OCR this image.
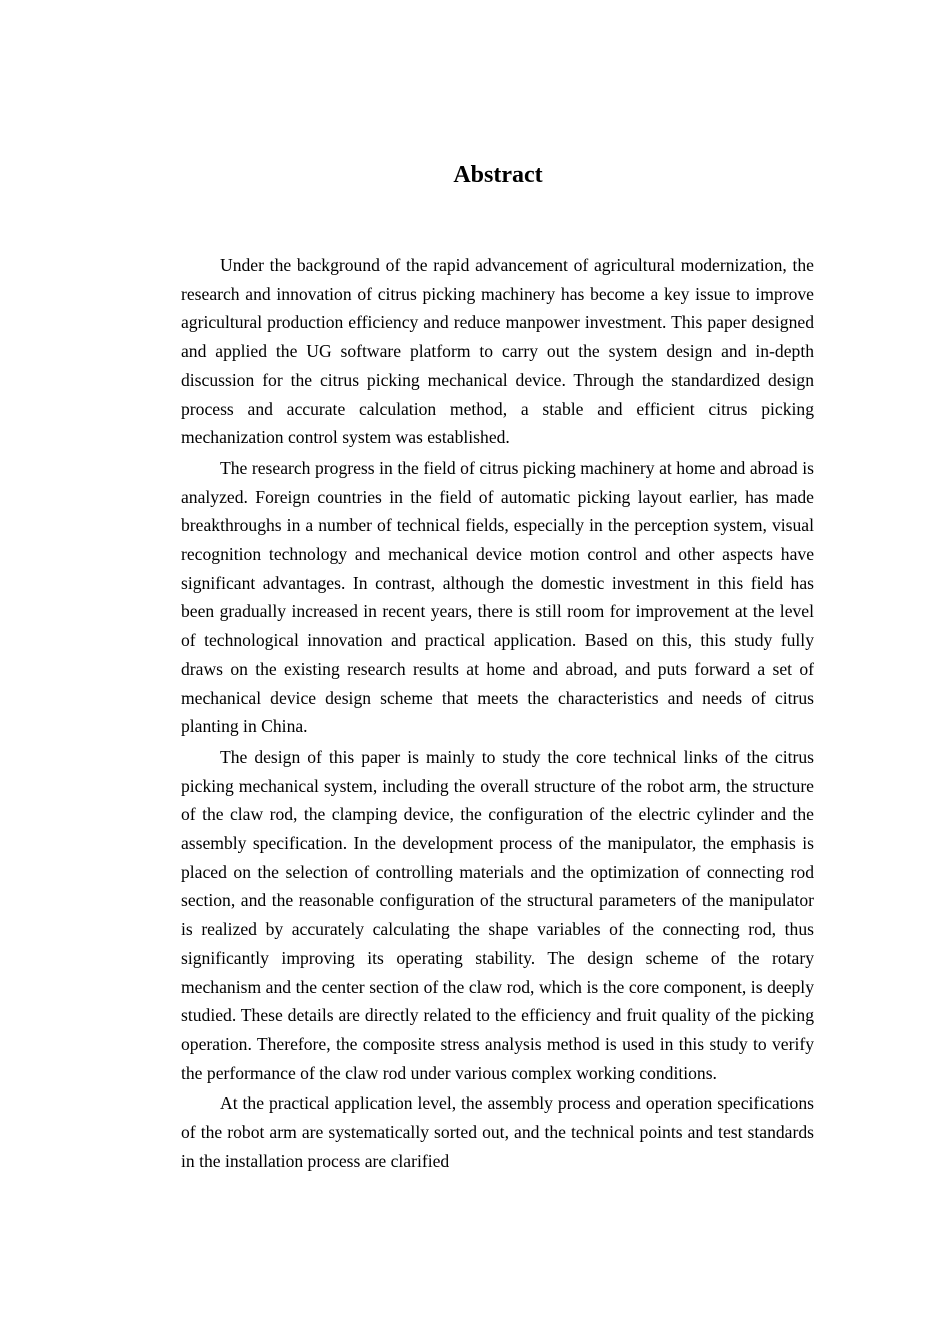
Abstract

Under the background of the rapid advancement of agricultural modernization, the research and innovation of citrus picking machinery has become a key issue to improve agricultural production efficiency and reduce manpower investment. This paper designed and applied the UG software platform to carry out the system design and in-depth discussion for the citrus picking mechanical device. Through the standardized design process and accurate calculation method, a stable and efficient citrus picking mechanization control system was established.

The research progress in the field of citrus picking machinery at home and abroad is analyzed. Foreign countries in the field of automatic picking layout earlier, has made breakthroughs in a number of technical fields, especially in the perception system, visual recognition technology and mechanical device motion control and other aspects have significant advantages. In contrast, although the domestic investment in this field has been gradually increased in recent years, there is still room for improvement at the level of technological innovation and practical application. Based on this, this study fully draws on the existing research results at home and abroad, and puts forward a set of mechanical device design scheme that meets the characteristics and needs of citrus planting in China.

The design of this paper is mainly to study the core technical links of the citrus picking mechanical system, including the overall structure of the robot arm, the structure of the claw rod, the clamping device, the configuration of the electric cylinder and the assembly specification. In the development process of the manipulator, the emphasis is placed on the selection of controlling materials and the optimization of connecting rod section, and the reasonable configuration of the structural parameters of the manipulator is realized by accurately calculating the shape variables of the connecting rod, thus significantly improving its operating stability. The design scheme of the rotary mechanism and the center section of the claw rod, which is the core component, is deeply studied. These details are directly related to the efficiency and fruit quality of the picking operation. Therefore, the composite stress analysis method is used in this study to verify the performance of the claw rod under various complex working conditions.

At the practical application level, the assembly process and operation specifications of the robot arm are systematically sorted out, and the technical points and test standards in the installation process are clarified
